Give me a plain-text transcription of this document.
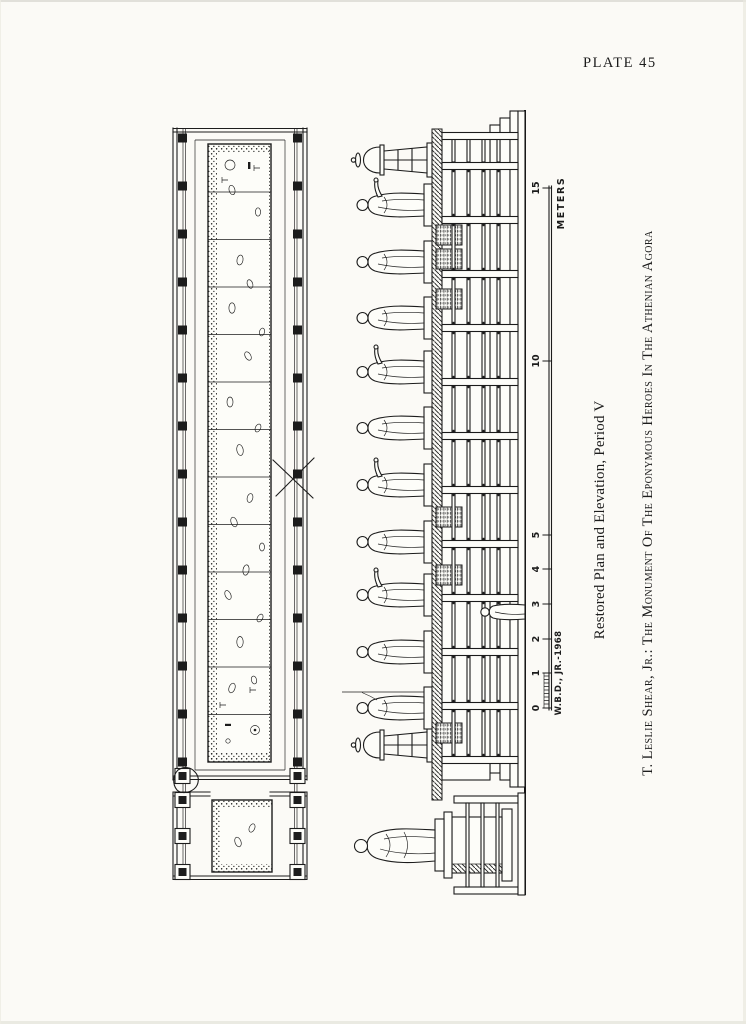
PLATE 45
15
10
5
4
3
2
1
0
METERS
W.B.D., JR.-1968
Restored Plan and Elevation, Period V T. Leslie Shear, Jr.: The Monument Of The Eponymous Heroes In The Athenian Agora
